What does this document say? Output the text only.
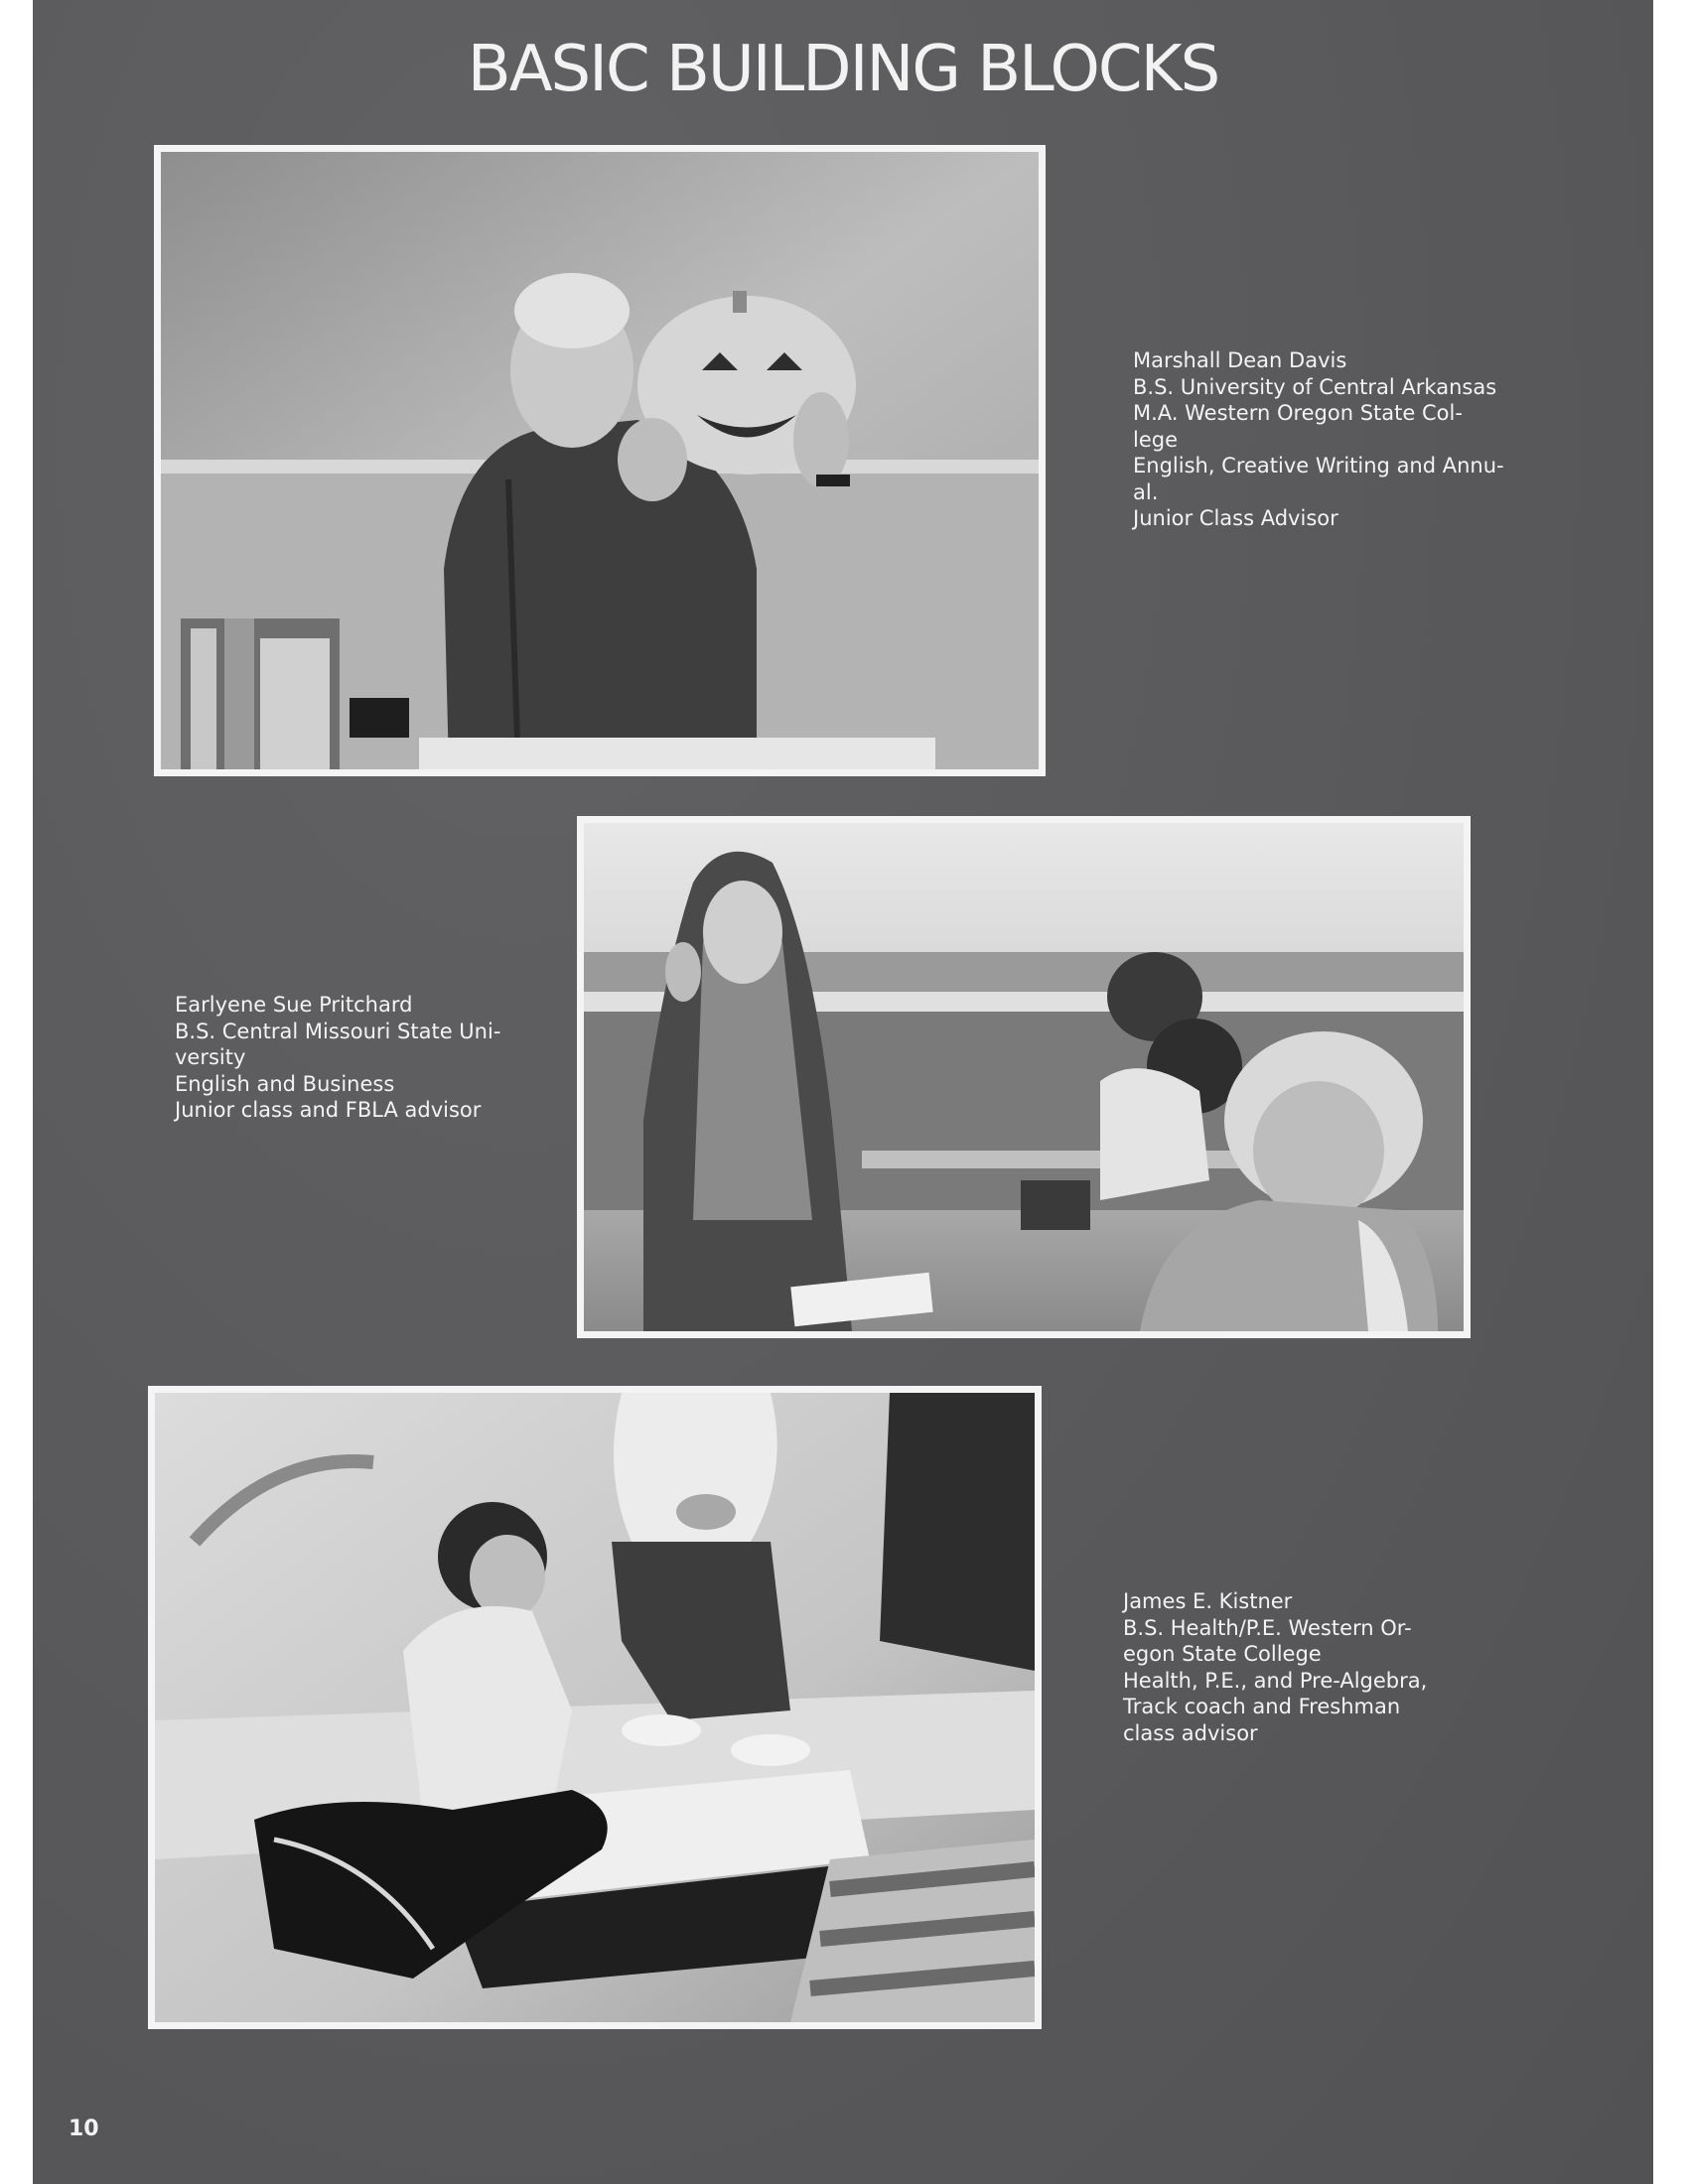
BASIC BUILDING BLOCKS
Marshall Dean Davis
B.S. University of Central Arkansas
M.A. Western Oregon State Col-
lege
English, Creative Writing and Annu-
al.
Junior Class Advisor
Earlyene Sue Pritchard
B.S. Central Missouri State Uni-
versity
English and Business
Junior class and FBLA advisor
James E. Kistner
B.S. Health/P.E. Western Or-
egon State College
Health, P.E., and Pre-Algebra,
Track coach and Freshman
class advisor
10
